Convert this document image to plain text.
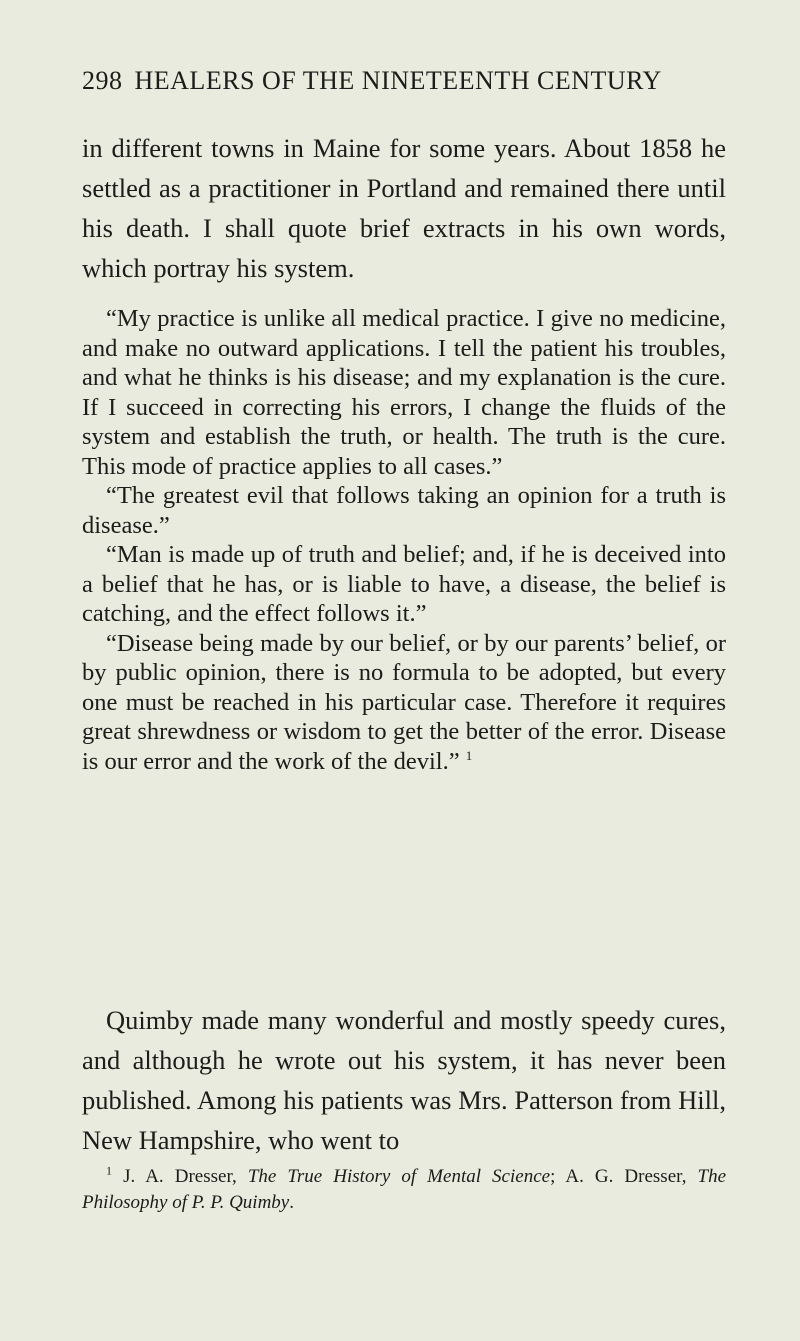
298 HEALERS OF THE NINETEENTH CENTURY

in different towns in Maine for some years. About 1858 he settled as a practitioner in Portland and remained there until his death. I shall quote brief extracts in his own words, which portray his system.

“My practice is unlike all medical practice. I give no medicine, and make no outward applications. I tell the patient his troubles, and what he thinks is his disease; and my explanation is the cure. If I succeed in correcting his errors, I change the fluids of the system and establish the truth, or health. The truth is the cure. This mode of practice applies to all cases.”

“The greatest evil that follows taking an opinion for a truth is disease.”

“Man is made up of truth and belief; and, if he is deceived into a belief that he has, or is liable to have, a disease, the belief is catching, and the effect follows it.”

“Disease being made by our belief, or by our parents’ belief, or by public opinion, there is no formula to be adopted, but every one must be reached in his particular case. Therefore it requires great shrewdness or wisdom to get the better of the error. Disease is our error and the work of the devil.” $^1$

Quimby made many wonderful and mostly speedy cures, and although he wrote out his system, it has never been published. Among his patients was Mrs. Patterson from Hill, New Hampshire, who went to

$^1$ J. A. Dresser, The True History of Mental Science; A. G. Dresser, The Philosophy of P. P. Quimby.
